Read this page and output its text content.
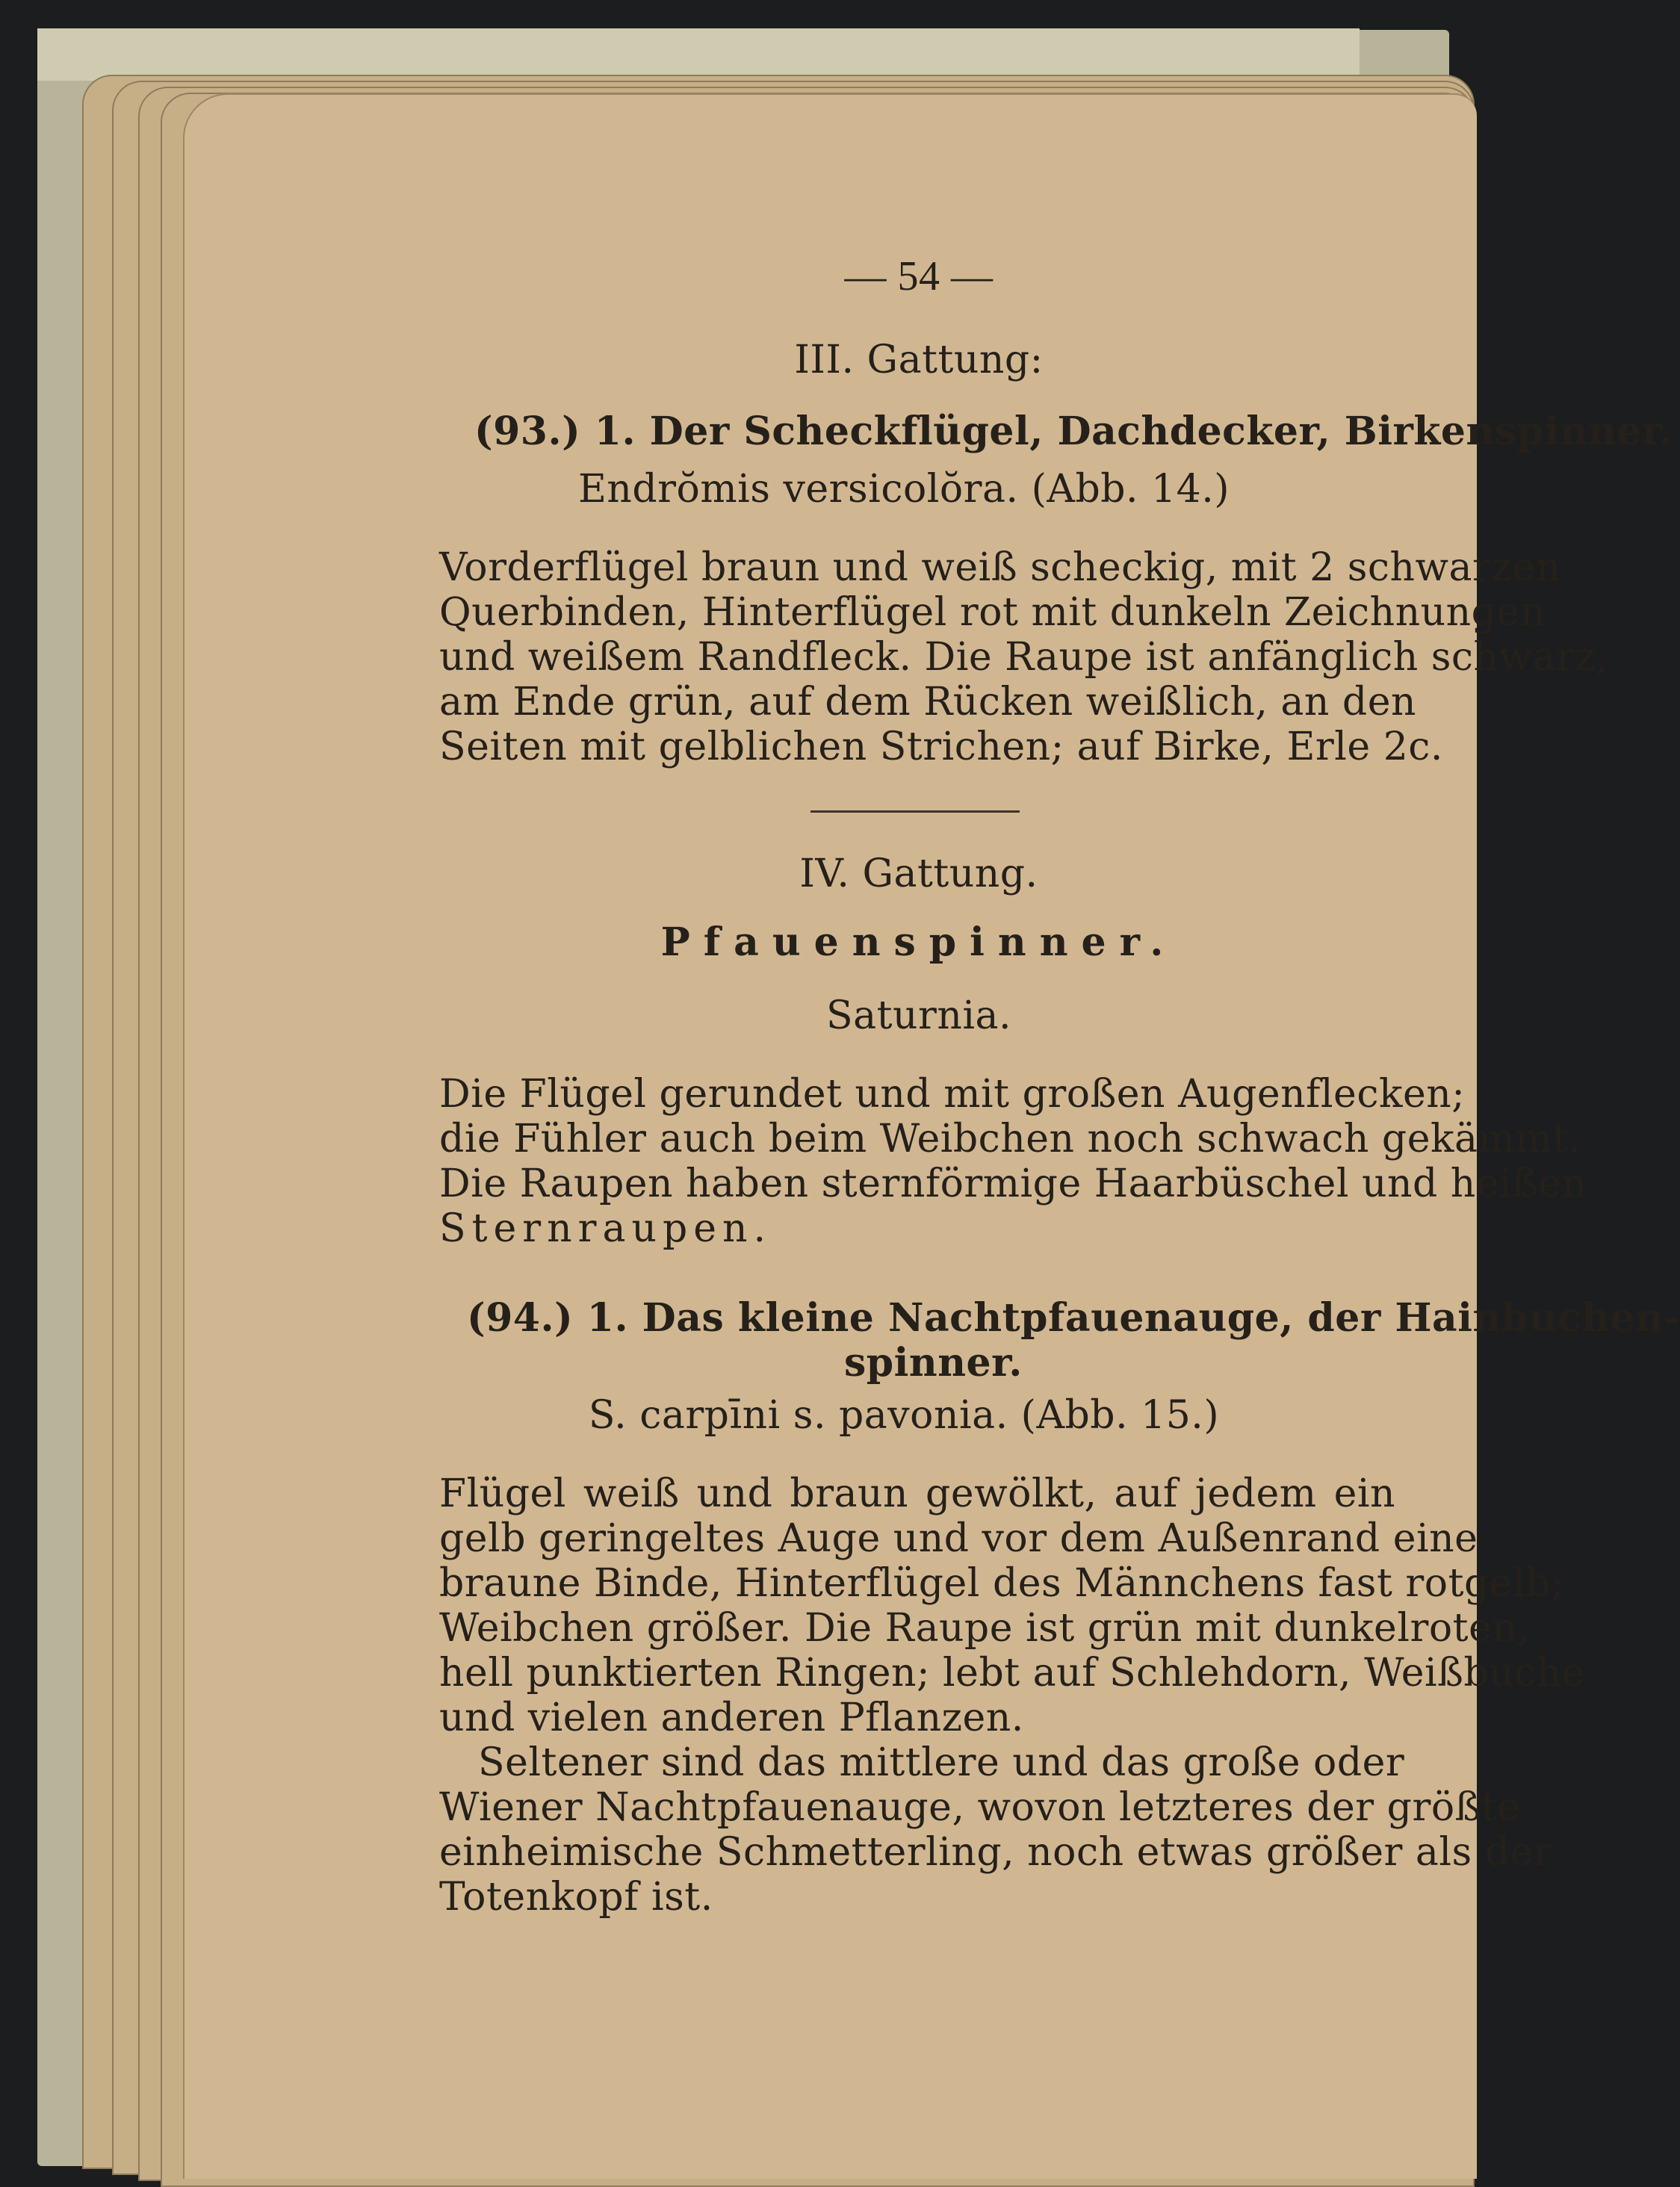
— 54 —
III. Gattung:
(93.) 1. Der Scheckflügel, Dachdecker, Birkenspinner.
Endrŏmis versicolŏra. (Abb. 14.)
Vorderflügel braun und weiß scheckig, mit 2 schwarzen
Querbinden, Hinterflügel rot mit dunkeln Zeichnungen
und weißem Randfleck. Die Raupe ist anfänglich schwarz,
am Ende grün, auf dem Rücken weißlich, an den
Seiten mit gelblichen Strichen; auf Birke, Erle 2c.
IV. Gattung.
Pfauenspinner.
Saturnia.
Die Flügel gerundet und mit großen Augenflecken;
die Fühler auch beim Weibchen noch schwach gekämmt.
Die Raupen haben sternförmige Haarbüschel und heißen
Sternraupen.
(94.) 1. Das kleine Nachtpfauenauge, der Hainbuchen-
spinner.
S. carpīni s. pavonia. (Abb. 15.)
Flügel weiß und braun gewölkt, auf jedem ein
gelb geringeltes Auge und vor dem Außenrand eine
braune Binde, Hinterflügel des Männchens fast rotgelb;
Weibchen größer. Die Raupe ist grün mit dunkelroten,
hell punktierten Ringen; lebt auf Schlehdorn, Weißbuche
und vielen anderen Pflanzen.
Seltener sind das mittlere und das große oder
Wiener Nachtpfauenauge, wovon letzteres der größte
einheimische Schmetterling, noch etwas größer als der
Totenkopf ist.
